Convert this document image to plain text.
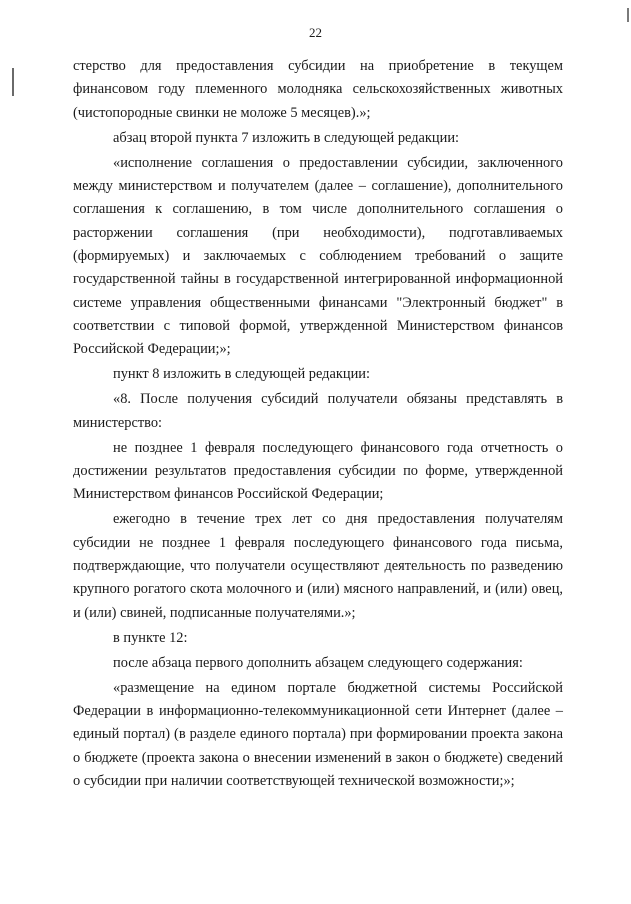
22

стерство для предоставления субсидии на приобретение в текущем финансовом году племенного молодняка сельскохозяйственных животных (чистопородные свинки не моложе 5 месяцев).»;

абзац второй пункта 7 изложить в следующей редакции:

«исполнение соглашения о предоставлении субсидии, заключенного между министерством и получателем (далее – соглашение), дополнительного соглашения к соглашению, в том числе дополнительного соглашения о расторжении соглашения (при необходимости), подготавливаемых (формируемых) и заключаемых с соблюдением требований о защите государственной тайны в государственной интегрированной информационной системе управления общественными финансами "Электронный бюджет" в соответствии с типовой формой, утвержденной Министерством финансов Российской Федерации;»;

пункт 8 изложить в следующей редакции:

«8. После получения субсидий получатели обязаны представлять в министерство:

не позднее 1 февраля последующего финансового года отчетность о достижении результатов предоставления субсидии по форме, утвержденной Министерством финансов Российской Федерации;

ежегодно в течение трех лет со дня предоставления получателям субсидии не позднее 1 февраля последующего финансового года письма, подтверждающие, что получатели осуществляют деятельность по разведению крупного рогатого скота молочного и (или) мясного направлений, и (или) овец, и (или) свиней, подписанные получателями.»;

в пункте 12:

после абзаца первого дополнить абзацем следующего содержания:

«размещение на едином портале бюджетной системы Российской Федерации в информационно-телекоммуникационной сети Интернет (далее – единый портал) (в разделе единого портала) при формировании проекта закона о бюджете (проекта закона о внесении изменений в закон о бюджете) сведений о субсидии при наличии соответствующей технической возможности;»;
